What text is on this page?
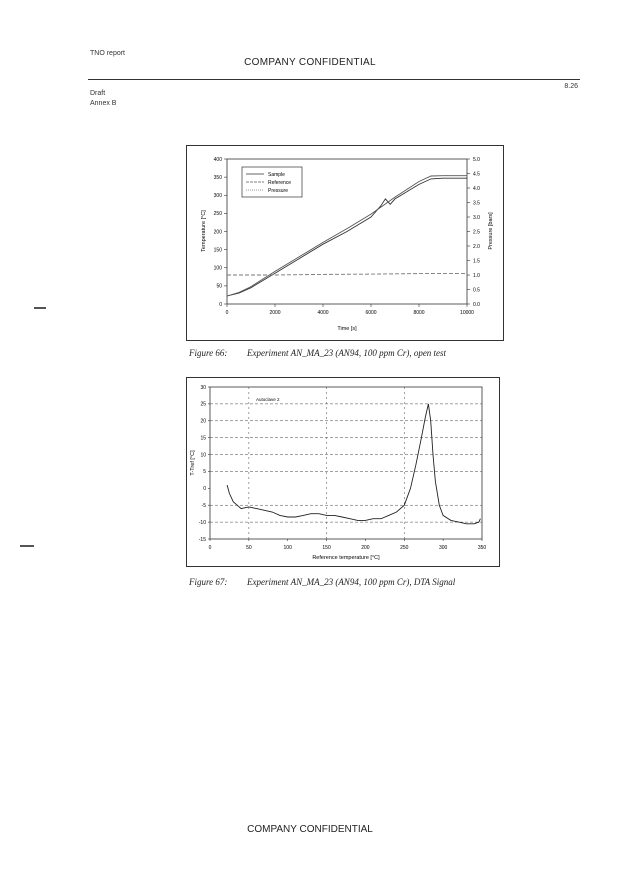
TNO report
COMPANY CONFIDENTIAL
8.26
Draft
Annex B
0
50
100
150
200
250
300
350
400
0.0
0.5
1.0
1.5
2.0
2.5
3.0
3.5
4.0
4.5
5.0
0	2000	4000	6000	8000	10000
Time [s]
Temperature [°C]	Pressure [bars]
Sample
Reference
Pressure
Figure 66: Experiment AN_MA_23 (AN94, 100 ppm Cr), open test
-15
-10
-5
0
5
10
15
20
25
30
0	50	100	150	200	250	300	350
Reference temperature [°C]
T-Tref [°C]
Autoclave 2
Figure 67: Experiment AN_MA_23 (AN94, 100 ppm Cr), DTA Signal
COMPANY CONFIDENTIAL
